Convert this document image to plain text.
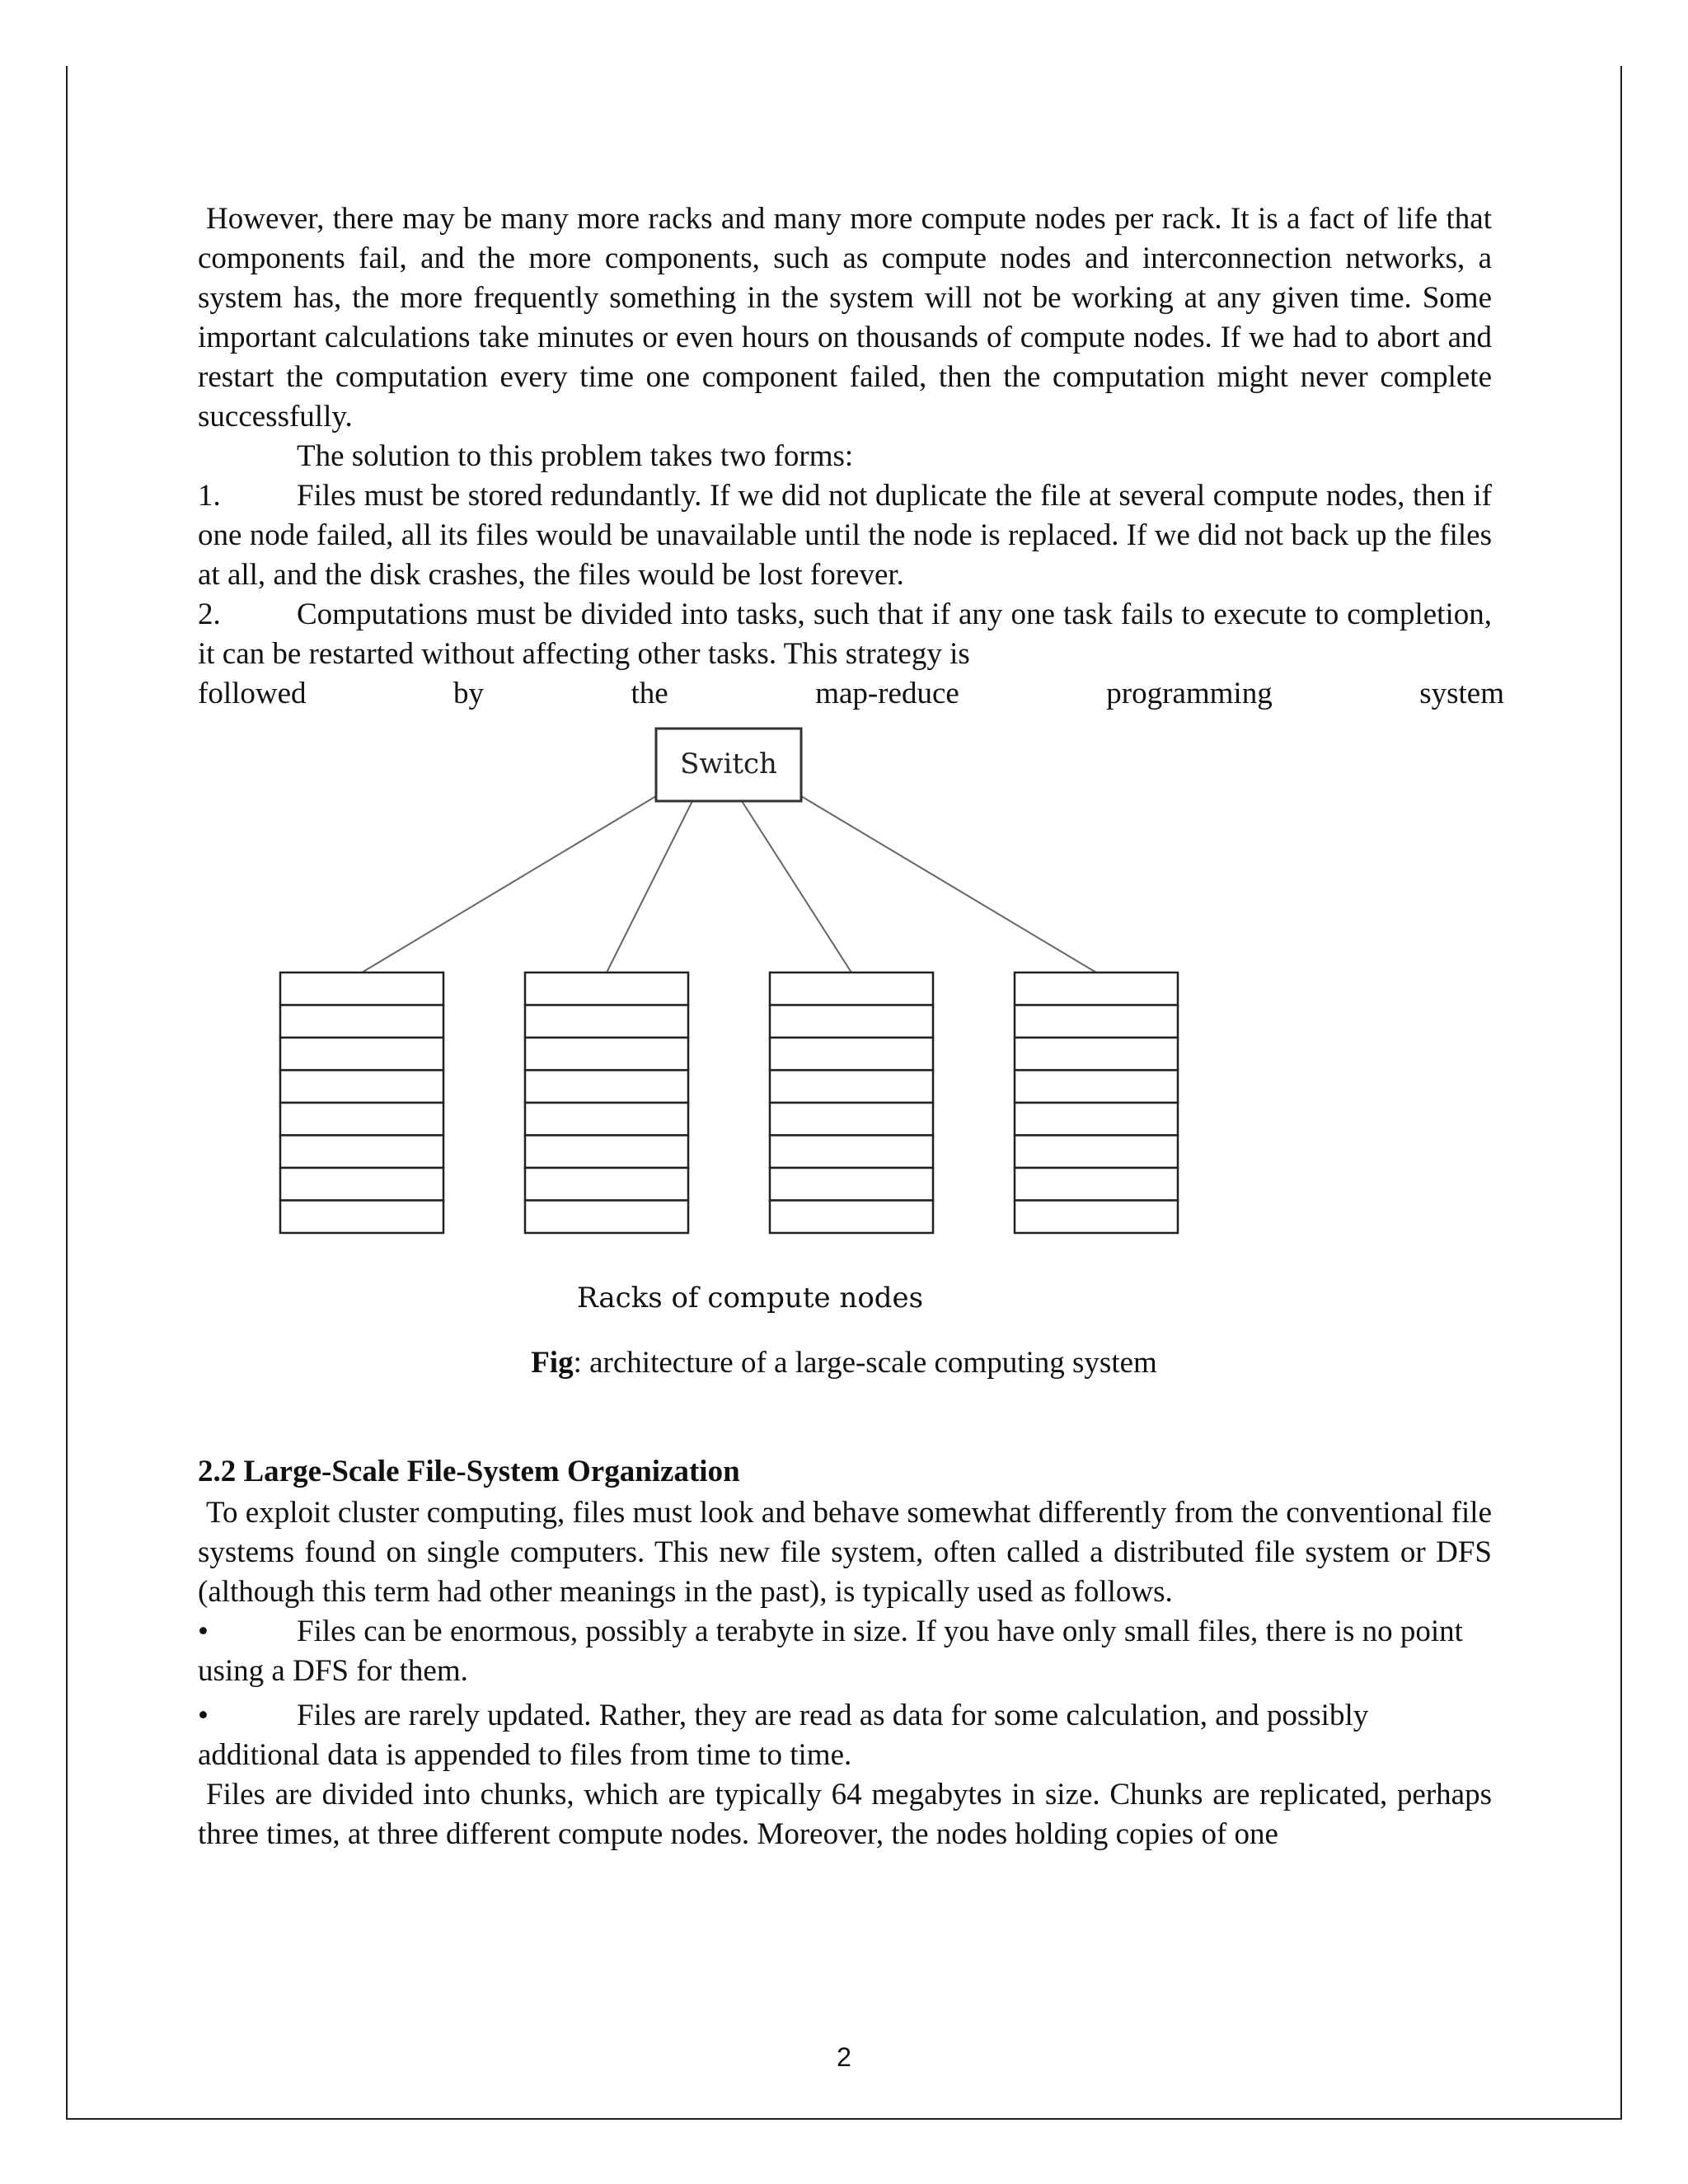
However, there may be many more racks and many more compute nodes per rack. It is a fact of life that components fail, and the more components, such as compute nodes and interconnection networks, a system has, the more frequently something in the system will not be working at any given time. Some important calculations take minutes or even hours on thousands of compute nodes. If we had to abort and restart the computation every time one component failed, then the computation might never complete successfully.

The solution to this problem takes two forms:

1. Files must be stored redundantly. If we did not duplicate the file at several compute nodes, then if one node failed, all its files would be unavailable until the node is replaced. If we did not back up the files at all, and the disk crashes, the files would be lost forever.

2. Computations must be divided into tasks, such that if any one task fails to execute to completion, it can be restarted without affecting other tasks. This strategy is

followed	by	the	map-reduce	programming	system
Switch
Racks of compute nodes
Fig: architecture of a large-scale computing system
2.2 Large-Scale File-System Organization

To exploit cluster computing, files must look and behave somewhat differently from the conventional file systems found on single computers. This new file system, often called a distributed file system or DFS (although this term had other meanings in the past), is typically used as follows.

•	Files can be enormous, possibly a terabyte in size. If you have only small files, there is no point using a DFS for them.

•	Files are rarely updated. Rather, they are read as data for some calculation, and possibly additional data is appended to files from time to time.

Files are divided into chunks, which are typically 64 megabytes in size. Chunks are replicated, perhaps three times, at three different compute nodes. Moreover, the nodes holding copies of one

2
